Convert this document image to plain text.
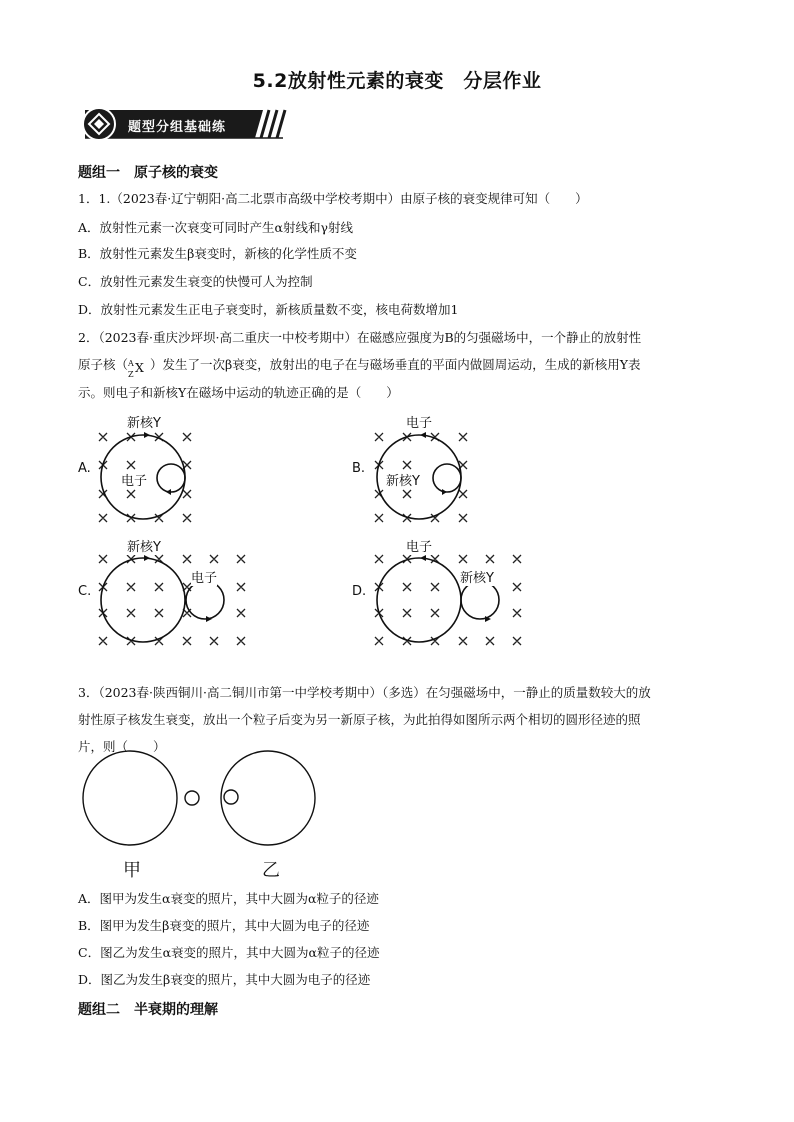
5.2放射性元素的衰变　分层作业
题型分组基础练
题组一　原子核的衰变
1．1.（2023春·辽宁朝阳·高二北票市高级中学校考期中）由原子核的衰变规律可知（　　）
A．放射性元素一次衰变可同时产生α射线和γ射线
B．放射性元素发生β衰变时，新核的化学性质不变
C．放射性元素发生衰变的快慢可人为控制
D．放射性元素发生正电子衰变时，新核质量数不变，核电荷数增加1
2．（2023春·重庆沙坪坝·高二重庆一中校考期中）在磁感应强度为B的匀强磁场中，一个静止的放射性
原子核（ A
Z X ）发生了一次β衰变，放射出的电子在与磁场垂直的平面内做圆周运动，生成的新核用Y表
示。则电子和新核Y在磁场中运动的轨迹正确的是（　　）
A.	B.
C.	D.
新核Y
电子
电子
新核Y
新核Y
电子
电子
新核Y
3．（2023春·陕西铜川·高二铜川市第一中学校考期中）（多选）在匀强磁场中，一静止的质量数较大的放
射性原子核发生衰变，放出一个粒子后变为另一新原子核，为此拍得如图所示两个相切的圆形径迹的照
片，则（　　）
甲	乙
A．图甲为发生α衰变的照片，其中大圆为α粒子的径迹
B．图甲为发生β衰变的照片，其中大圆为电子的径迹
C．图乙为发生α衰变的照片，其中大圆为α粒子的径迹
D．图乙为发生β衰变的照片，其中大圆为电子的径迹
题组二　半衰期的理解
